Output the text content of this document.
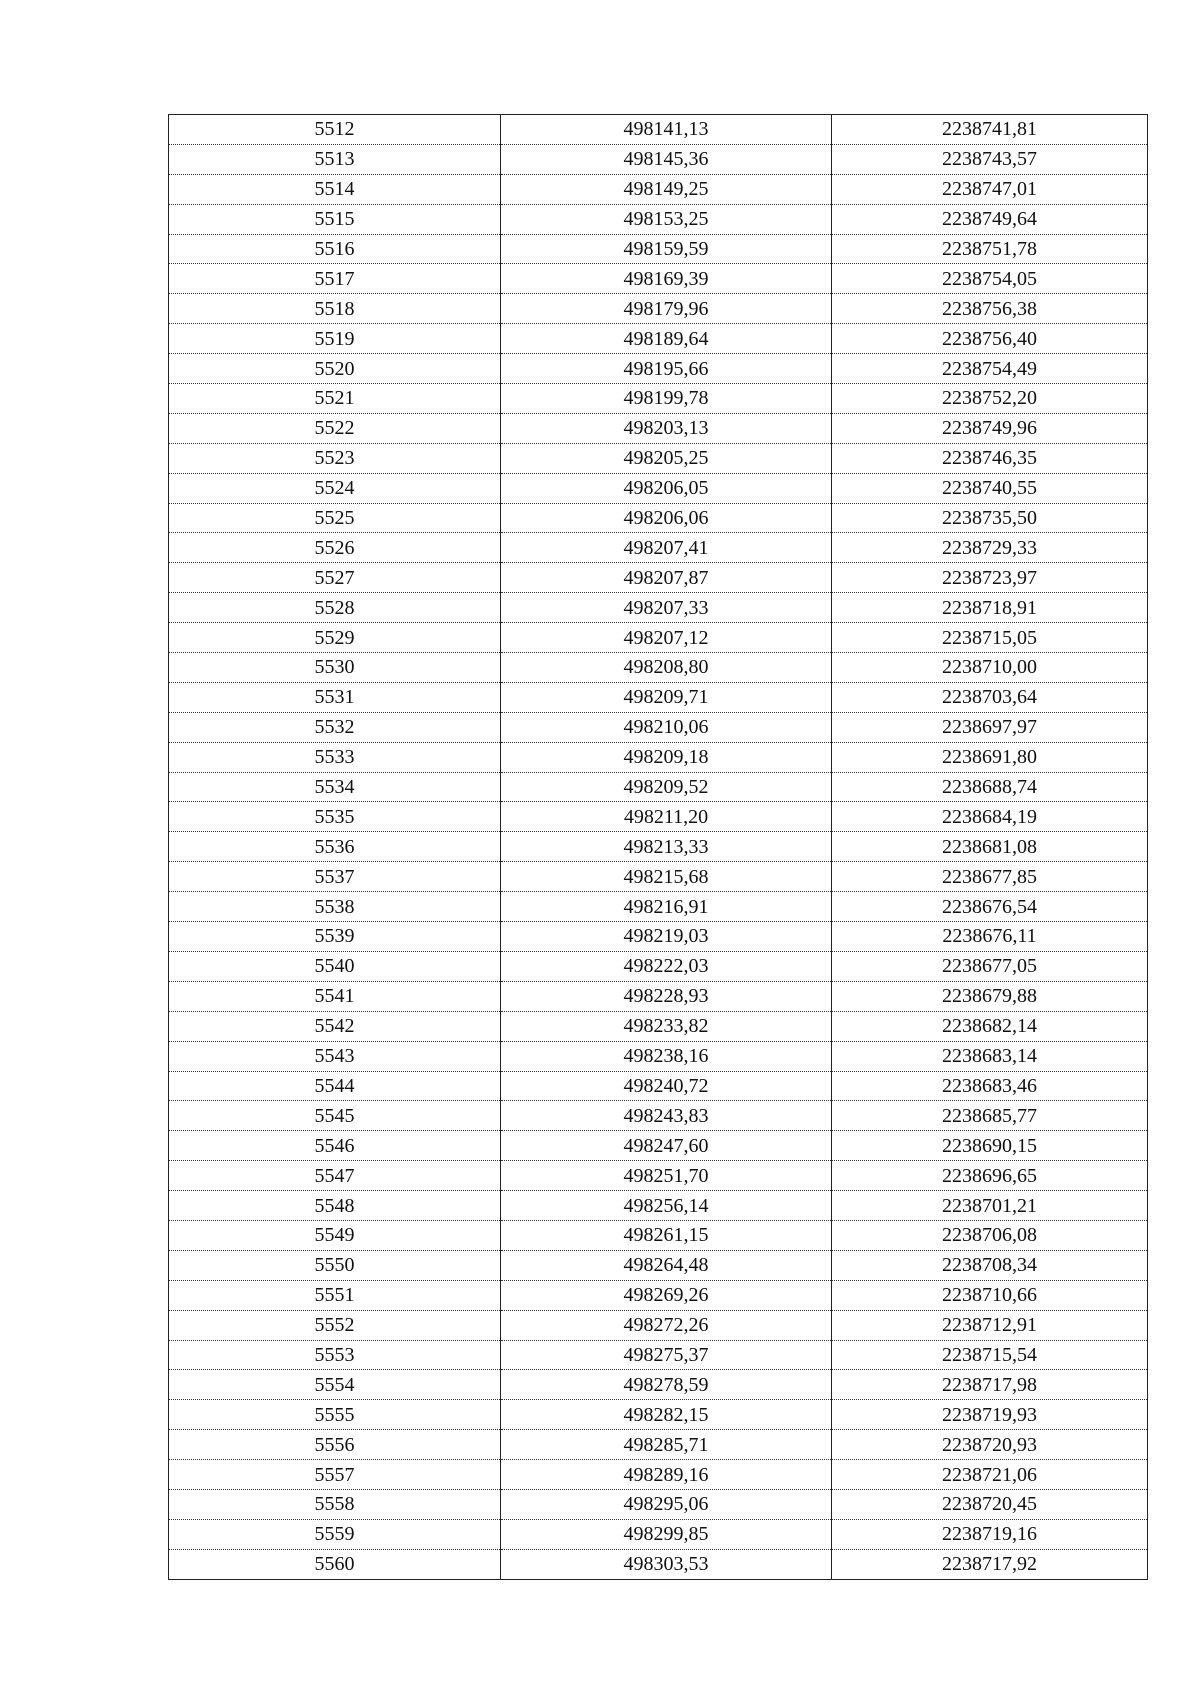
5512	498141,13	2238741,81
5513	498145,36	2238743,57
5514	498149,25	2238747,01
5515	498153,25	2238749,64
5516	498159,59	2238751,78
5517	498169,39	2238754,05
5518	498179,96	2238756,38
5519	498189,64	2238756,40
5520	498195,66	2238754,49
5521	498199,78	2238752,20
5522	498203,13	2238749,96
5523	498205,25	2238746,35
5524	498206,05	2238740,55
5525	498206,06	2238735,50
5526	498207,41	2238729,33
5527	498207,87	2238723,97
5528	498207,33	2238718,91
5529	498207,12	2238715,05
5530	498208,80	2238710,00
5531	498209,71	2238703,64
5532	498210,06	2238697,97
5533	498209,18	2238691,80
5534	498209,52	2238688,74
5535	498211,20	2238684,19
5536	498213,33	2238681,08
5537	498215,68	2238677,85
5538	498216,91	2238676,54
5539	498219,03	2238676,11
5540	498222,03	2238677,05
5541	498228,93	2238679,88
5542	498233,82	2238682,14
5543	498238,16	2238683,14
5544	498240,72	2238683,46
5545	498243,83	2238685,77
5546	498247,60	2238690,15
5547	498251,70	2238696,65
5548	498256,14	2238701,21
5549	498261,15	2238706,08
5550	498264,48	2238708,34
5551	498269,26	2238710,66
5552	498272,26	2238712,91
5553	498275,37	2238715,54
5554	498278,59	2238717,98
5555	498282,15	2238719,93
5556	498285,71	2238720,93
5557	498289,16	2238721,06
5558	498295,06	2238720,45
5559	498299,85	2238719,16
5560	498303,53	2238717,92
